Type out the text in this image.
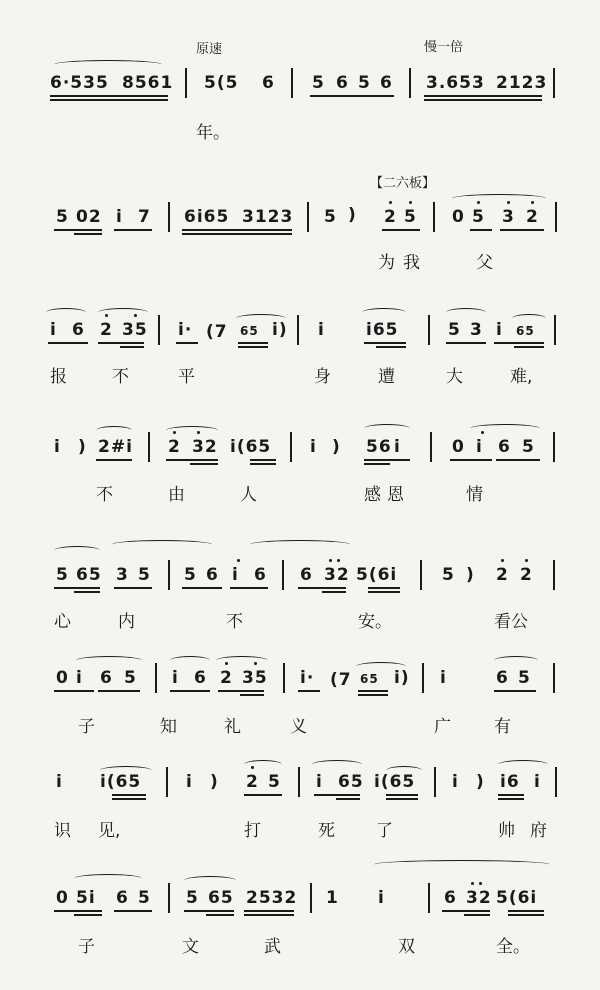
原速	慢一倍
【二六板】
6·535 8561 5(5 6 5 6 5 6 3.653 2123
年。
5 02 i 7 6i65 3123 5 ) 2 5 0 5 3 2
为我	父
i 6 2 35 i· (7 65 i) i i65	5 3 i 65
报	不	平	身	遭	大	难,
i ) 2#i 2 32 i(65 i ) 56 i	0 i 6 5
不	由	人	感恩	情
5 65 3 5 5 6 i 6 6 32 5(6i	5 ) 2 2
心	内	不	安。	看公
0 i 6 5 i 6 2 35 i· (7 65 i) i	6 5
子	知	礼	义	广	有
i i(65	i ) 2 5 i 65 i(65 i ) i6 i
识 见,	打	死 了	帅 府
0 5i 6 5 5 65 2532 1 i	6 32 5(6i
子	文	武	双	全。
